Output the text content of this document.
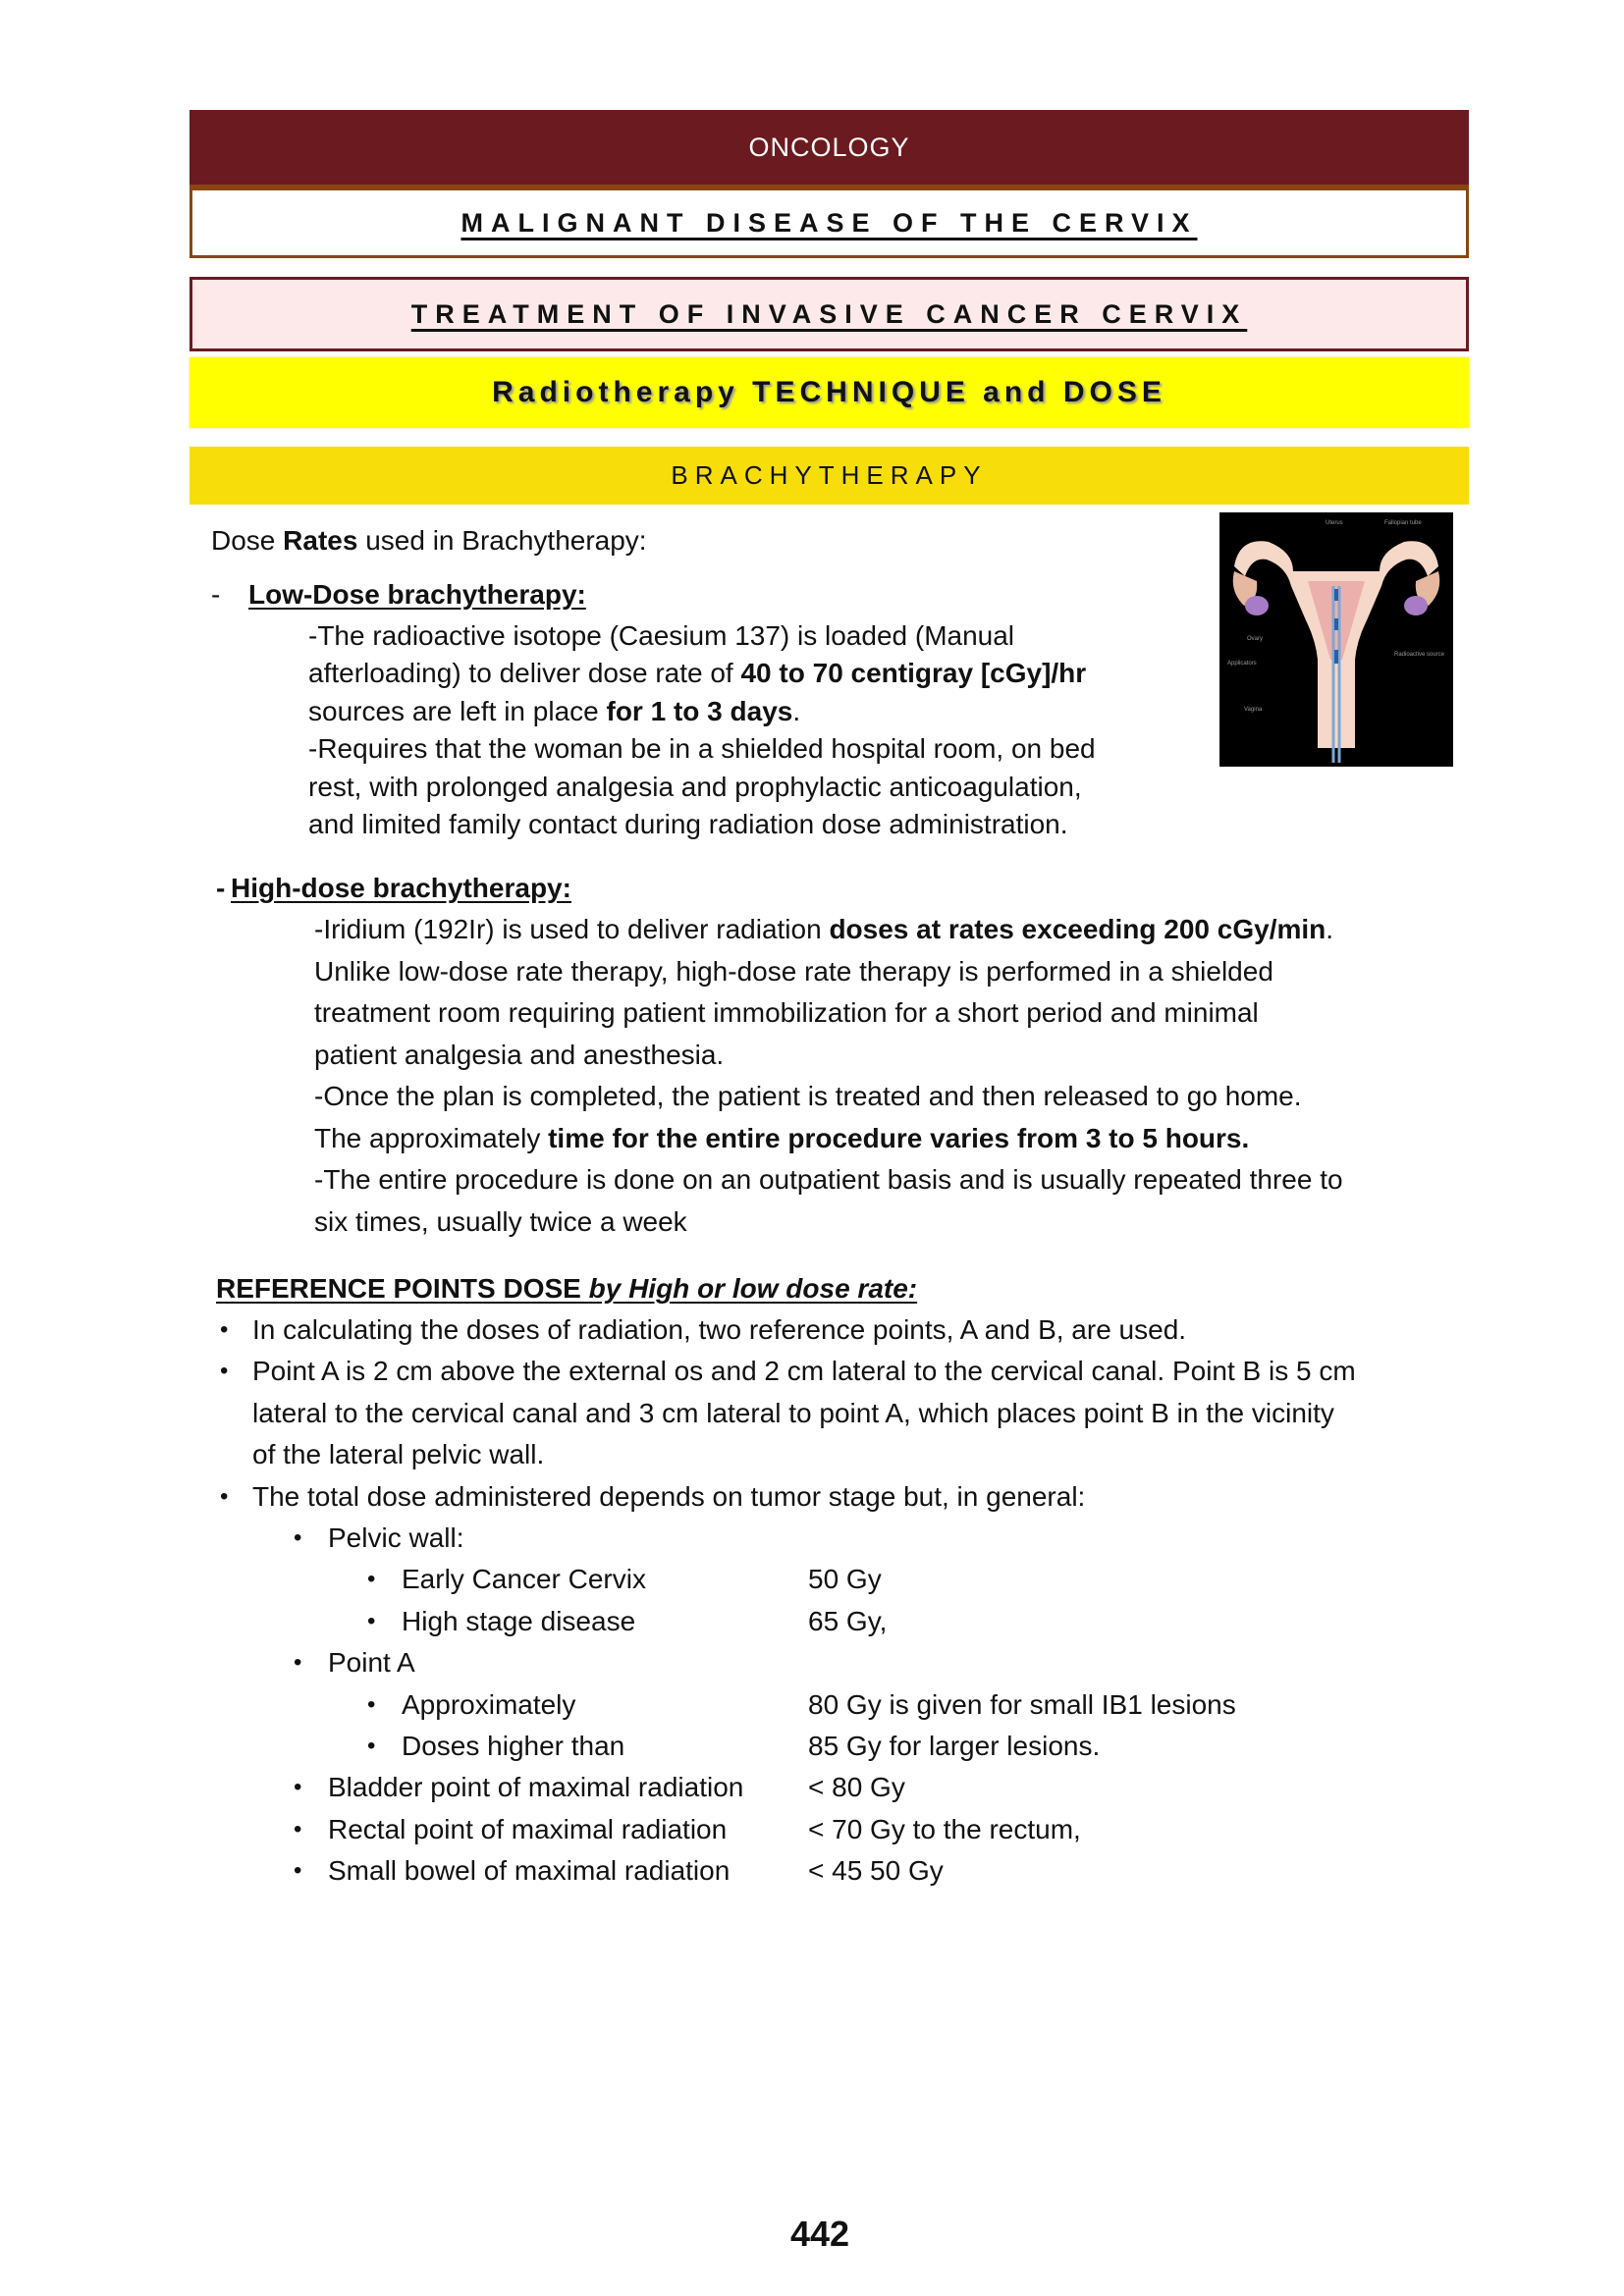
ONCOLOGY
MALIGNANT DISEASE OF THE CERVIX
TREATMENT OF INVASIVE CANCER CERVIX
Radiotherapy TECHNIQUE and DOSE
BRACHYTHERAPY
Dose Rates used in Brachytherapy:
- Low-Dose brachytherapy:
-The radioactive isotope (Caesium 137) is loaded (Manual
afterloading) to deliver dose rate of 40 to 70 centigray [cGy]/hr
sources are left in place for 1 to 3 days.
-Requires that the woman be in a shielded hospital room, on bed
rest, with prolonged analgesia and prophylactic anticoagulation,
and limited family contact during radiation dose administration.
- High-dose brachytherapy:
-Iridium (192Ir) is used to deliver radiation doses at rates exceeding 200 cGy/min.
Unlike low-dose rate therapy, high-dose rate therapy is performed in a shielded
treatment room requiring patient immobilization for a short period and minimal
patient analgesia and anesthesia.
-Once the plan is completed, the patient is treated and then released to go home.
The approximately time for the entire procedure varies from 3 to 5 hours.
-The entire procedure is done on an outpatient basis and is usually repeated three to
six times, usually twice a week
REFERENCE POINTS DOSE by High or low dose rate:
• In calculating the doses of radiation, two reference points, A and B, are used.
• Point A is 2 cm above the external os and 2 cm lateral to the cervical canal. Point B is 5 cm
lateral to the cervical canal and 3 cm lateral to point A, which places point B in the vicinity
of the lateral pelvic wall.
• The total dose administered depends on tumor stage but, in general:
• Pelvic wall:
• Early Cancer Cervix	50 Gy
• High stage disease	65 Gy,
• Point A
• Approximately	80 Gy is given for small IB1 lesions
• Doses higher than	85 Gy for larger lesions.
• Bladder point of maximal radiation < 80 Gy
• Rectal point of maximal radiation	< 70 Gy to the rectum,
• Small bowel of maximal radiation	< 45 50 Gy
Uterus	Fallopian tube
Ovary
Applicators
Vagina
Radioactive source
442
